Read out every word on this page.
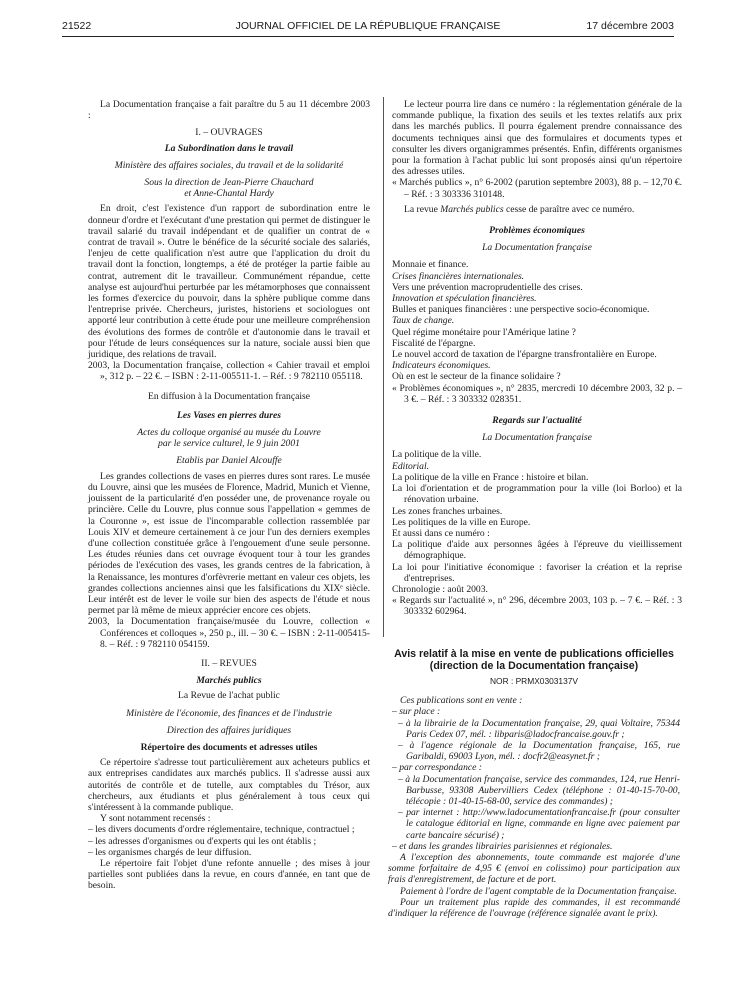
21522	JOURNAL OFFICIEL DE LA RÉPUBLIQUE FRANÇAISE	17 décembre 2003

La Documentation française a fait paraître du 5 au 11 décembre 2003 :

I. – OUVRAGES

La Subordination dans le travail

Ministère des affaires sociales, du travail et de la solidarité

Sous la direction de Jean-Pierre Chauchard

et Anne-Chantal Hardy

En droit, c'est l'existence d'un rapport de subordination entre le donneur d'ordre et l'exécutant d'une prestation qui permet de distinguer le travail salarié du travail indépendant et de qualifier un contrat de « contrat de travail ». Outre le bénéfice de la sécurité sociale des salariés, l'enjeu de cette qualification n'est autre que l'application du droit du travail dont la fonction, longtemps, a été de protéger la partie faible au contrat, autrement dit le travailleur. Communément répandue, cette analyse est aujourd'hui perturbée par les métamorphoses que connaissent les formes d'exercice du pouvoir, dans la sphère publique comme dans l'entreprise privée. Chercheurs, juristes, historiens et sociologues ont apporté leur contribution à cette étude pour une meilleure compréhension des évolutions des formes de contrôle et d'autonomie dans le travail et pour l'étude de leurs conséquences sur la nature, sociale aussi bien que juridique, des relations de travail.

2003, la Documentation française, collection « Cahier travail et emploi », 312 p. – 22 €. – ISBN : 2-11-005511-1. – Réf. : 9 782110 055118.

En diffusion à la Documentation française

Les Vases en pierres dures

Actes du colloque organisé au musée du Louvre

par le service culturel, le 9 juin 2001

Etablis par Daniel Alcouffe

Les grandes collections de vases en pierres dures sont rares. Le musée du Louvre, ainsi que les musées de Florence, Madrid, Munich et Vienne, jouissent de la particularité d'en posséder une, de provenance royale ou princière. Celle du Louvre, plus connue sous l'appellation « gemmes de la Couronne », est issue de l'incomparable collection rassemblée par Louis XIV et demeure certainement à ce jour l'un des derniers exemples d'une collection constituée grâce à l'engouement d'une seule personne. Les études réunies dans cet ouvrage évoquent tour à tour les grandes périodes de l'exécution des vases, les grands centres de la fabrication, à la Renaissance, les montures d'orfèvrerie mettant en valeur ces objets, les grandes collections anciennes ainsi que les falsifications du XIXᵉ siècle. Leur intérêt est de lever le voile sur bien des aspects de l'étude et nous permet par là même de mieux apprécier encore ces objets.

2003, la Documentation française/musée du Louvre, collection « Conférences et colloques », 250 p., ill. – 30 €. – ISBN : 2-11-005415-8. – Réf. : 9 782110 054159.

II. – REVUES

Marchés publics

La Revue de l'achat public

Ministère de l'économie, des finances et de l'industrie

Direction des affaires juridiques

Répertoire des documents et adresses utiles

Ce répertoire s'adresse tout particulièrement aux acheteurs publics et aux entreprises candidates aux marchés publics. Il s'adresse aussi aux autorités de contrôle et de tutelle, aux comptables du Trésor, aux chercheurs, aux étudiants et plus généralement à tous ceux qui s'intéressent à la commande publique.

Y sont notamment recensés :

– les divers documents d'ordre réglementaire, technique, contractuel ;

– les adresses d'organismes ou d'experts qui les ont établis ;

– les organismes chargés de leur diffusion.

Le répertoire fait l'objet d'une refonte annuelle ; des mises à jour partielles sont publiées dans la revue, en cours d'année, en tant que de besoin.

Le lecteur pourra lire dans ce numéro : la réglementation générale de la commande publique, la fixation des seuils et les textes relatifs aux prix dans les marchés publics. Il pourra également prendre connaissance des documents techniques ainsi que des formulaires et documents types et consulter les divers organigrammes présentés. Enfin, différents organismes pour la formation à l'achat public lui sont proposés ainsi qu'un répertoire des adresses utiles.

« Marchés publics », n° 6-2002 (parution septembre 2003), 88 p. – 12,70 €. – Réf. : 3 303336 310148.

La revue Marchés publics cesse de paraître avec ce numéro.

Problèmes économiques

La Documentation française

Monnaie et finance.

Crises financières internationales.

Vers une prévention macroprudentielle des crises.

Innovation et spéculation financières.

Bulles et paniques financières : une perspective socio-économique.

Taux de change.

Quel régime monétaire pour l'Amérique latine ?

Fiscalité de l'épargne.

Le nouvel accord de taxation de l'épargne transfrontalière en Europe.

Indicateurs économiques.

Où en est le secteur de la finance solidaire ?

« Problèmes économiques », n° 2835, mercredi 10 décembre 2003, 32 p. – 3 €. – Réf. : 3 303332 028351.

Regards sur l'actualité

La Documentation française

La politique de la ville.

Editorial.

La politique de la ville en France : histoire et bilan.

La loi d'orientation et de programmation pour la ville (loi Borloo) et la rénovation urbaine.

Les zones franches urbaines.

Les politiques de la ville en Europe.

Et aussi dans ce numéro :

La politique d'aide aux personnes âgées à l'épreuve du vieillissement démographique.

La loi pour l'initiative économique : favoriser la création et la reprise d'entreprises.

Chronologie : août 2003.

« Regards sur l'actualité », n° 296, décembre 2003, 103 p. – 7 €. – Réf. : 3 303332 602964.

Avis relatif à la mise en vente de publications officielles

(direction de la Documentation française)

NOR : PRMX0303137V

Ces publications sont en vente :

– sur place :

– à la librairie de la Documentation française, 29, quai Voltaire, 75344 Paris Cedex 07, mél. : libparis@ladocfrancaise.gouv.fr ;

– à l'agence régionale de la Documentation française, 165, rue Garibaldi, 69003 Lyon, mél. : docfr2@easynet.fr ;

– par correspondance :

– à la Documentation française, service des commandes, 124, rue Henri-Barbusse, 93308 Aubervilliers Cedex (téléphone : 01-40-15-70-00, télécopie : 01-40-15-68-00, service des commandes) ;

– par internet : http://www.ladocumentationfrancaise.fr (pour consulter le catalogue éditorial en ligne, commande en ligne avec paiement par carte bancaire sécurisé) ;

– et dans les grandes librairies parisiennes et régionales.

A l'exception des abonnements, toute commande est majorée d'une somme forfaitaire de 4,95 € (envoi en colissimo) pour participation aux frais d'enregistrement, de facture et de port.

Paiement à l'ordre de l'agent comptable de la Documentation française.

Pour un traitement plus rapide des commandes, il est recommandé d'indiquer la référence de l'ouvrage (référence signalée avant le prix).
